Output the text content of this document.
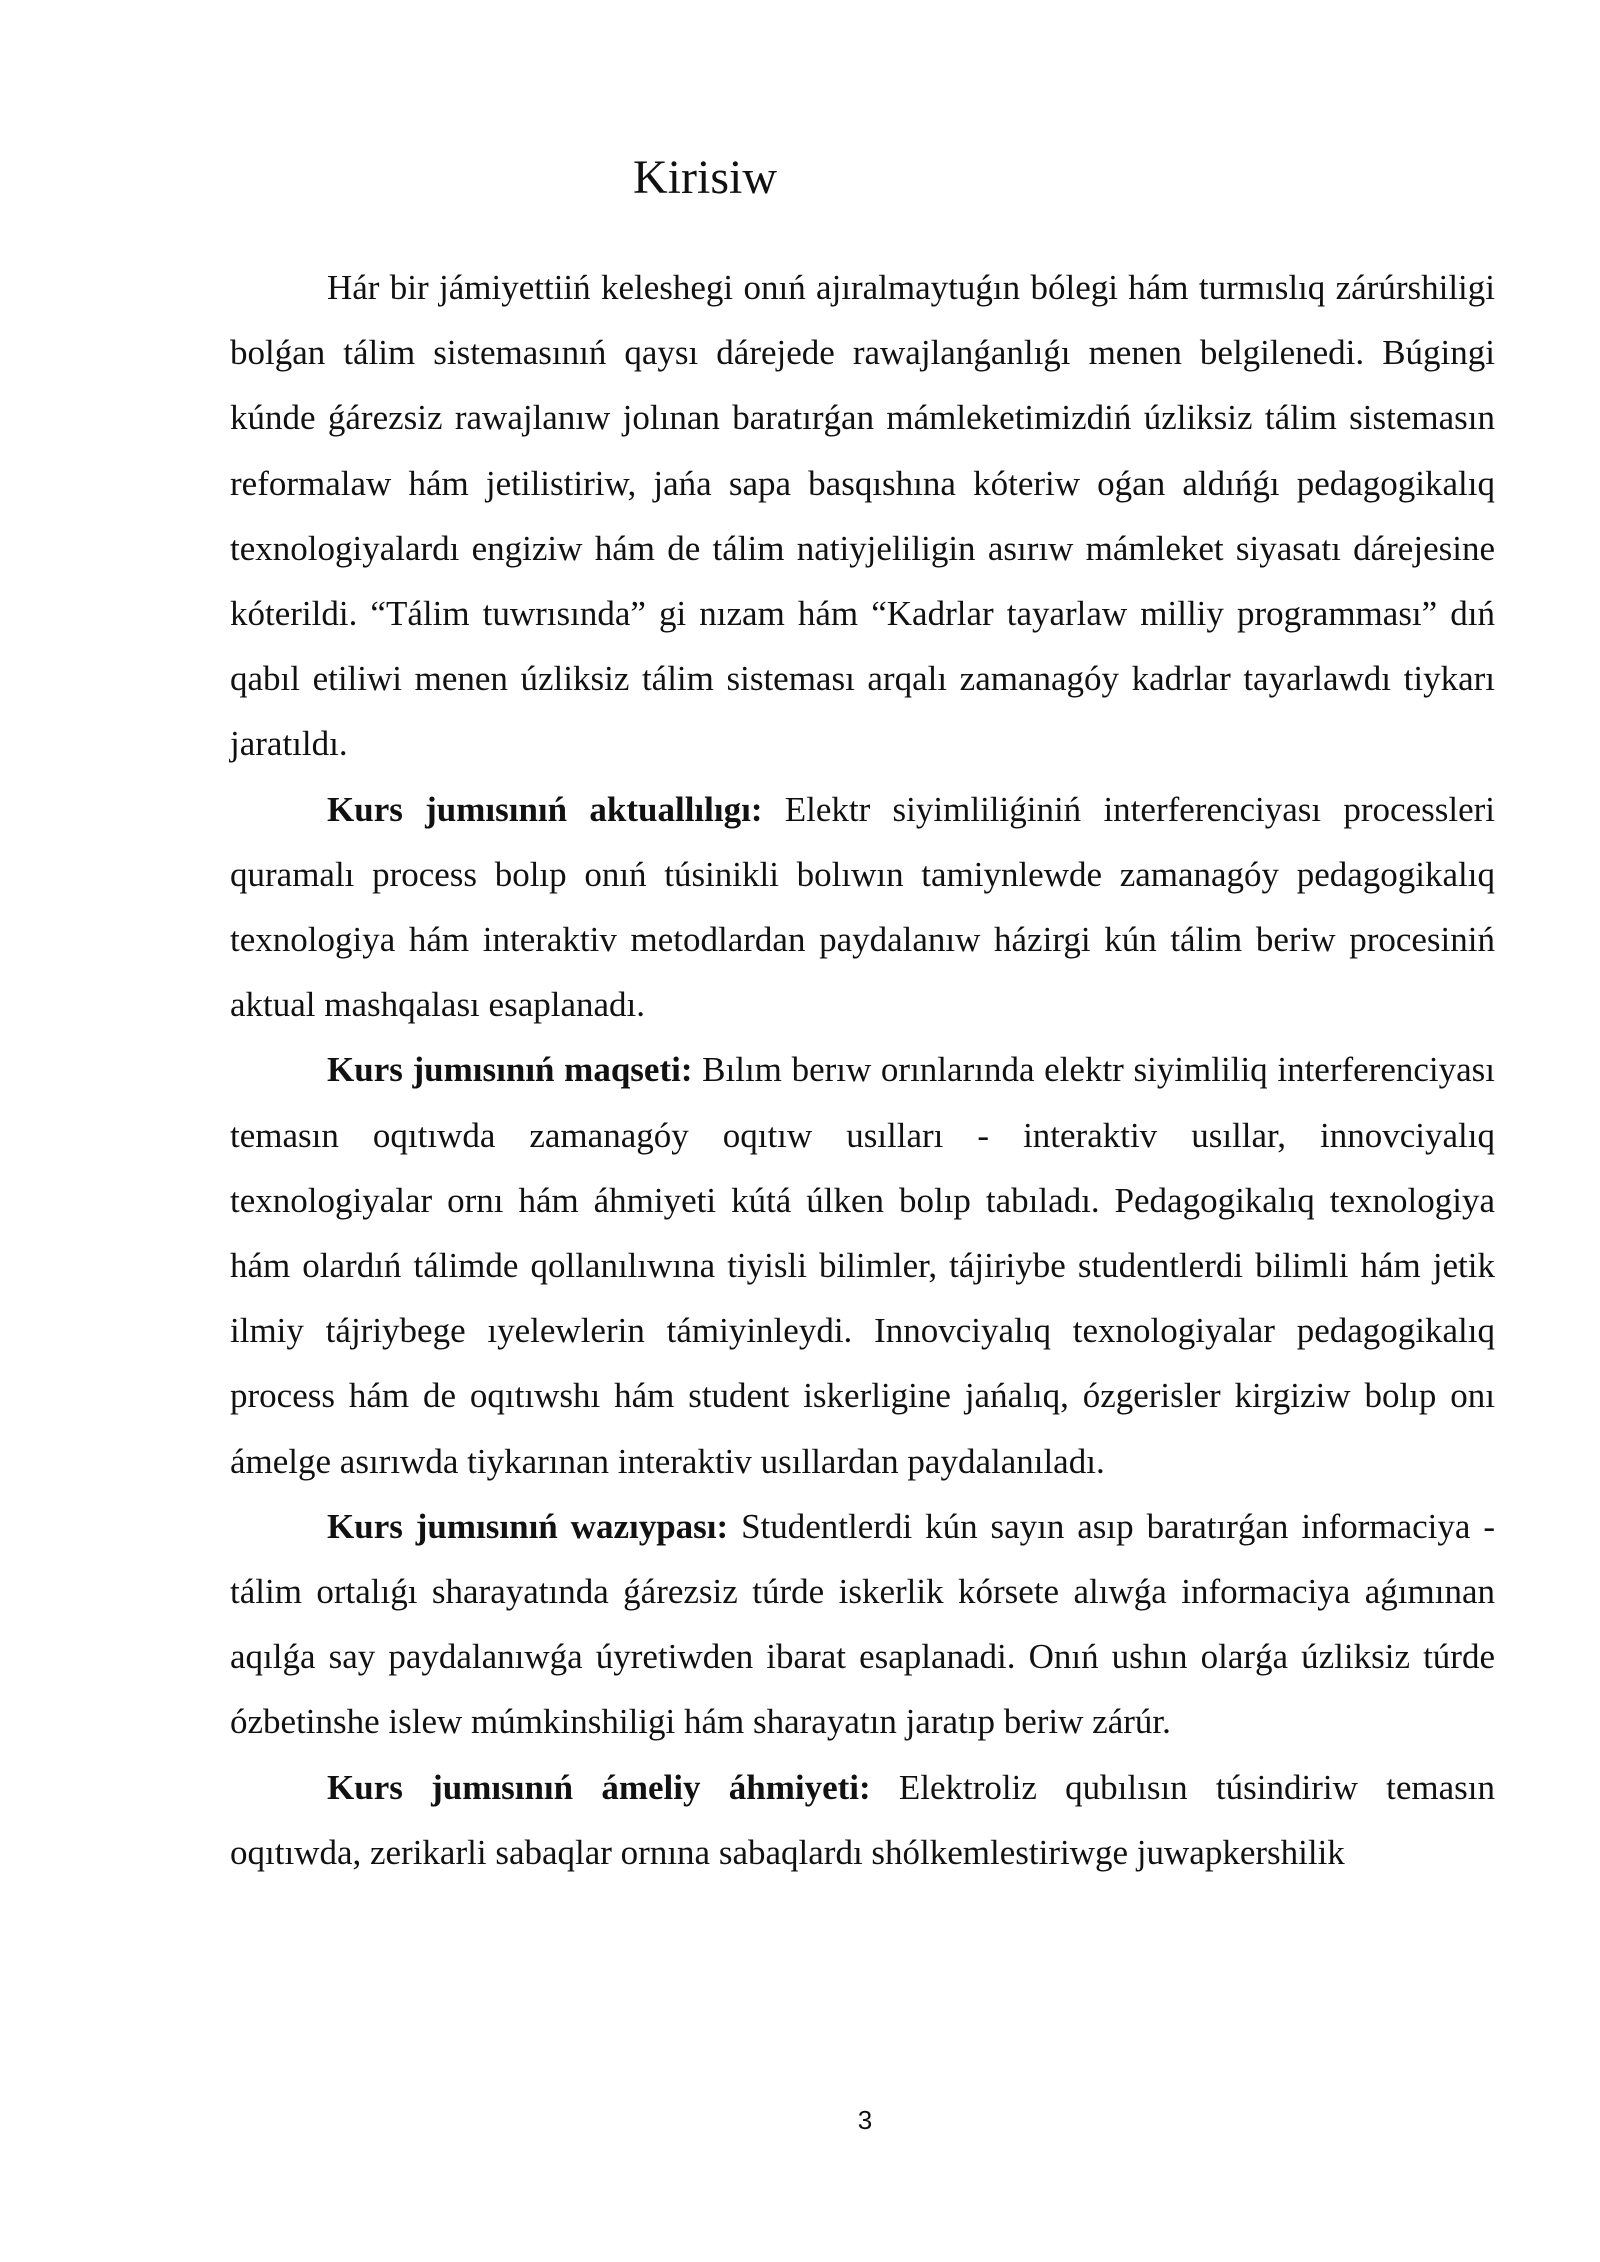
Kirisiw

Hár bir jámiyettiiń keleshegi onıń ajıralmaytuǵın bólegi hám turmıslıq zárúrshiligi bolǵan tálim sistemasınıń qaysı dárejede rawajlanǵanlıǵı menen belgilenedi. Búgingi kúnde ǵárezsiz rawajlanıw jolınan baratırǵan mámleketimizdiń úzliksiz tálim sistemasın reformalaw hám jetilistiriw, jańa sapa basqıshına kóteriw oǵan aldıńǵı pedagogikalıq texnologiyalardı engiziw hám de tálim natiyjeliligin asırıw mámleket siyasatı dárejesine kóterildi. “Tálim tuwrısında” gi nızam hám “Kadrlar tayarlaw milliy programması” dıń qabıl etiliwi menen úzliksiz tálim sisteması arqalı zamanagóy kadrlar tayarlawdı tiykarı jaratıldı.

Kurs jumısınıń aktuallılıgı: Elektr siyimliliǵiniń interferenciyası processleri quramalı process bolıp onıń túsinikli bolıwın tamiynlewde zamanagóy pedagogikalıq texnologiya hám interaktiv metodlardan paydalanıw házirgi kún tálim beriw procesiniń aktual mashqalası esaplanadı.

Kurs jumısınıń maqseti: Bılım berıw orınlarında elektr siyimliliq interferenciyası temasın oqıtıwda zamanagóy oqıtıw usılları - interaktiv usıllar, innovciyalıq texnologiyalar ornı hám áhmiyeti kútá úlken bolıp tabıladı. Pedagogikalıq texnologiya hám olardıń tálimde qollanılıwına tiyisli bilimler, tájiriybe studentlerdi bilimli hám jetik ilmiy tájriybege ıyelewlerin támiyinleydi. Innovciyalıq texnologiyalar pedagogikalıq process hám de oqıtıwshı hám student iskerligine jańalıq, ózgerisler kirgiziw bolıp onı ámelge asırıwda tiykarınan interaktiv usıllardan paydalanıladı.

Kurs jumısınıń wazıypası: Studentlerdi kún sayın asıp baratırǵan informaciya -tálim ortalıǵı sharayatında ǵárezsiz túrde iskerlik kórsete alıwǵa informaciya aǵımınan aqılǵa say paydalanıwǵa úyretiwden ibarat esaplanadi. Onıń ushın olarǵa úzliksiz túrde ózbetinshe islew múmkinshiligi hám sharayatın jaratıp beriw zárúr.

Kurs jumısınıń ámeliy áhmiyeti: Elektroliz qubılısın túsindiriw temasın oqıtıwda, zerikarli sabaqlar ornına sabaqlardı shólkemlestiriwge juwapkershilik

3
